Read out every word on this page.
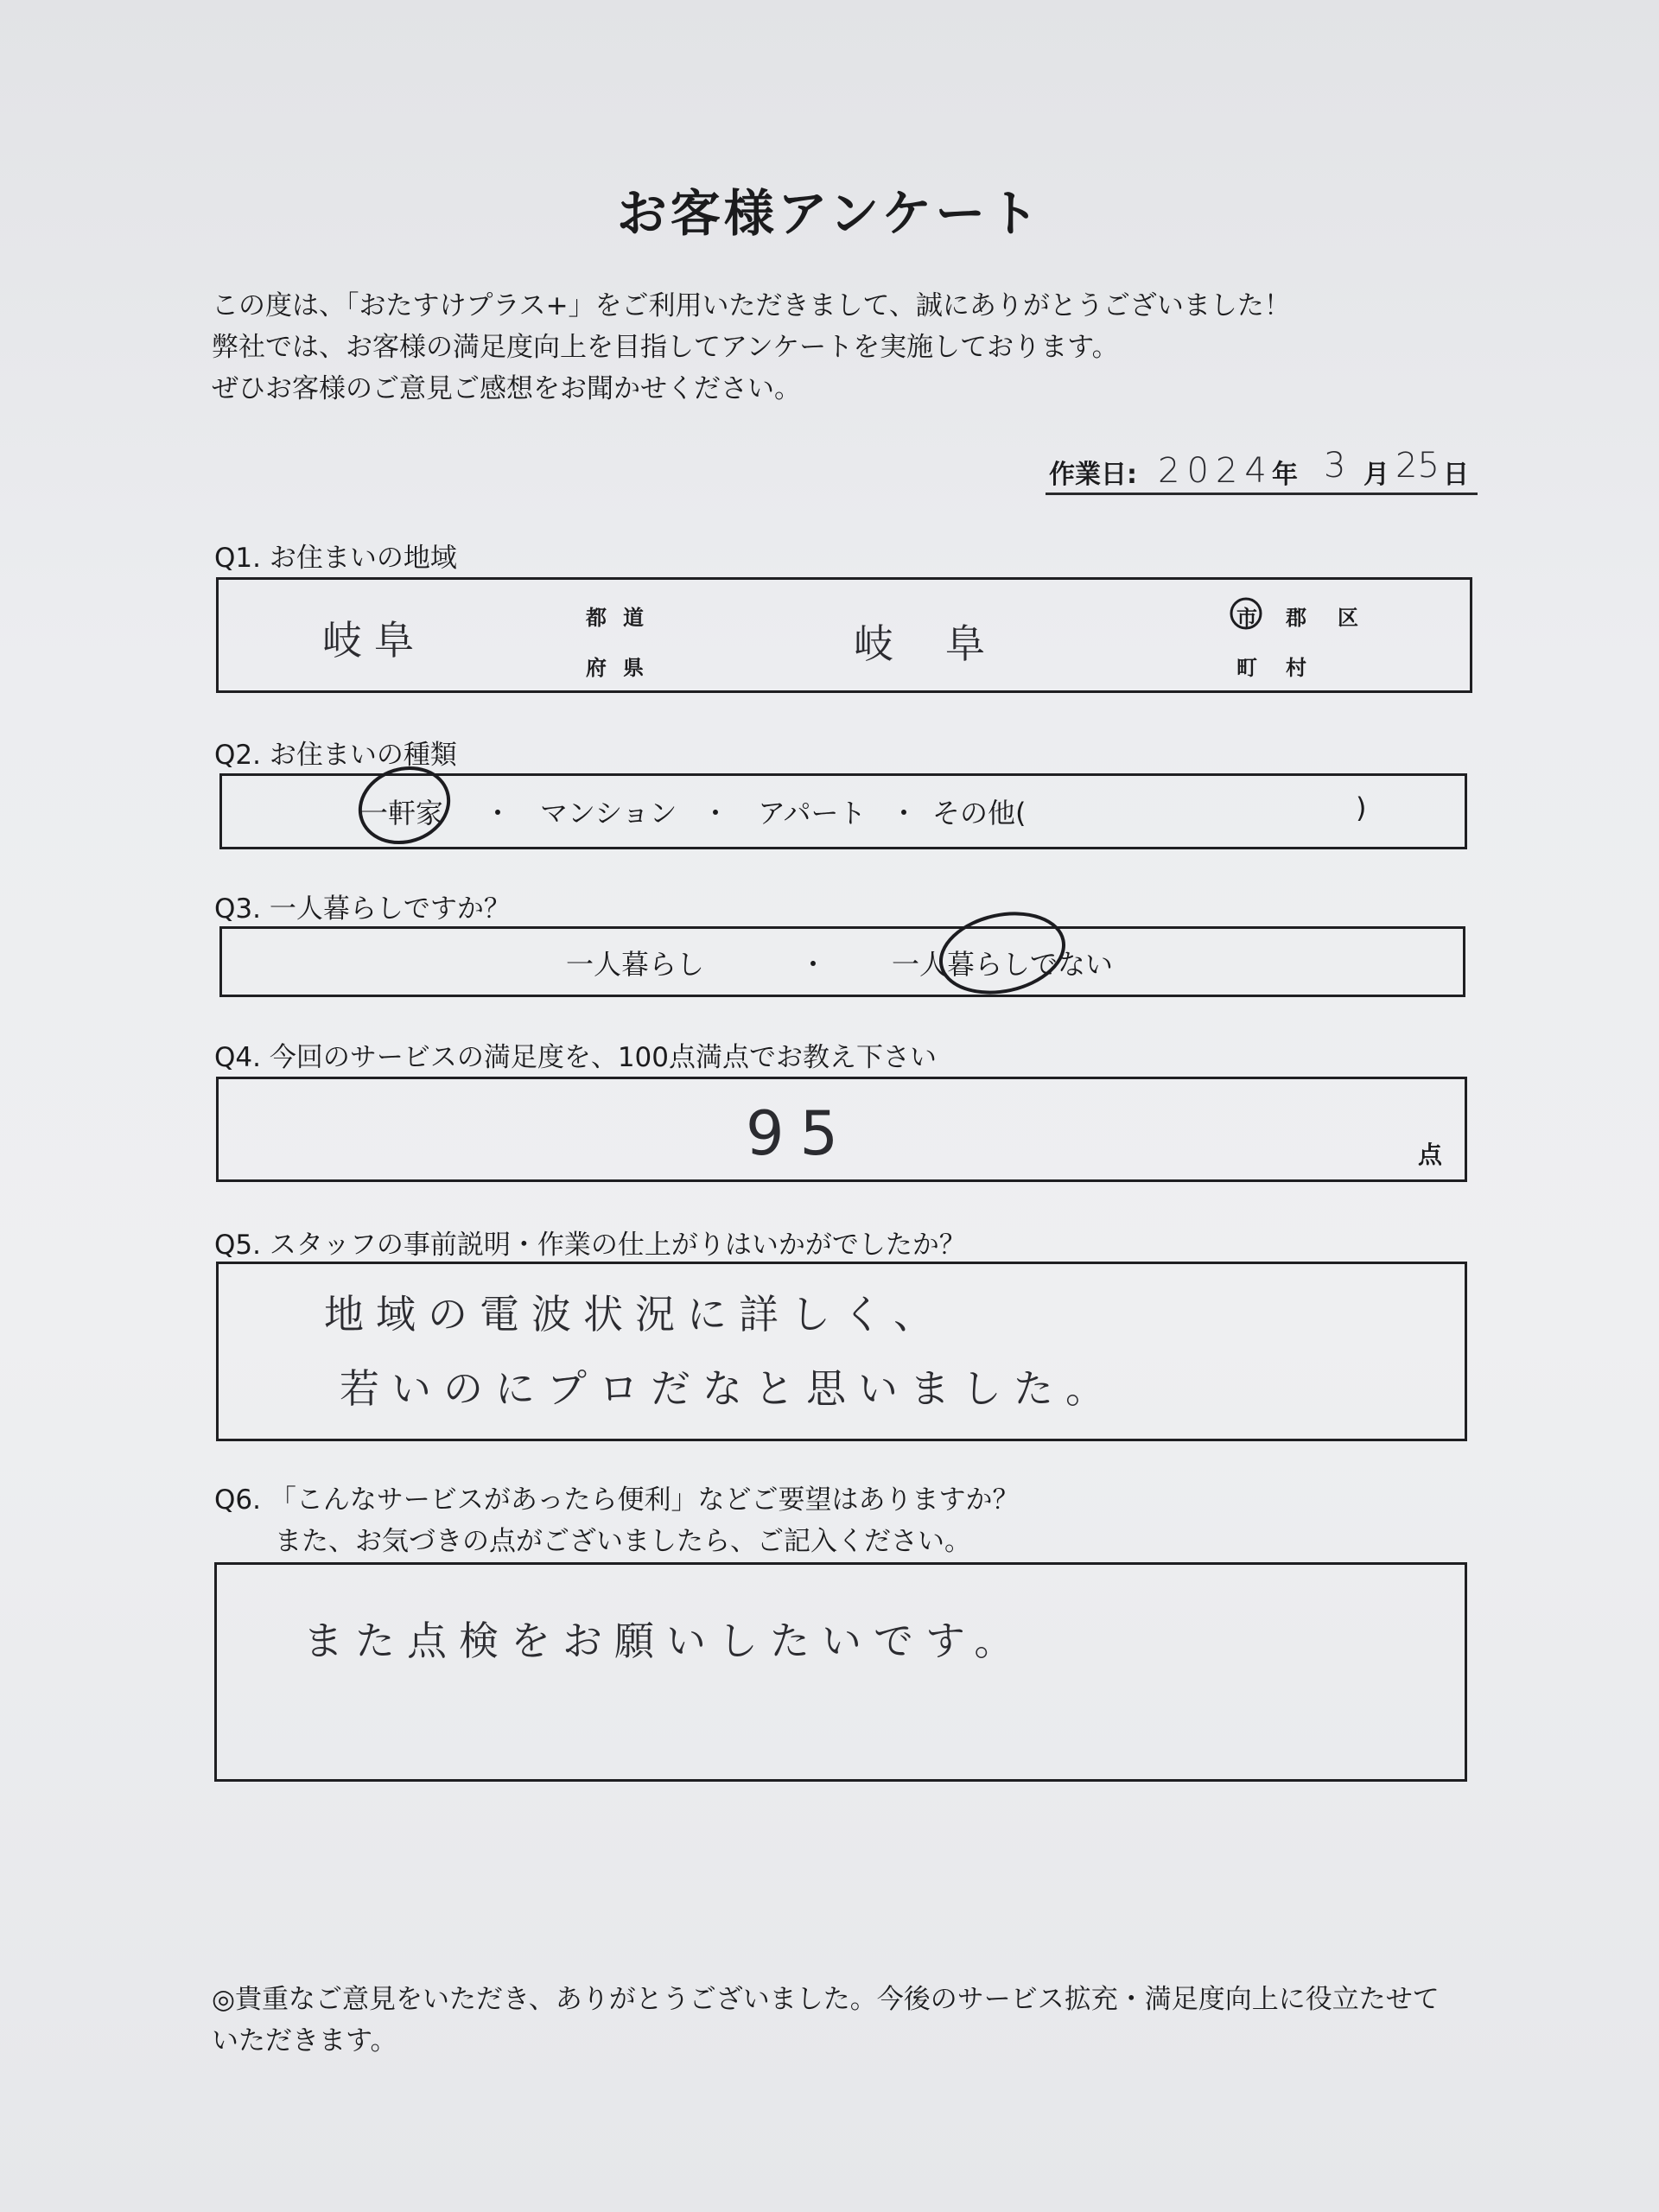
お客様アンケート
この度は、「おたすけプラス+」をご利用いただきまして、誠にありがとうございました！
弊社では、お客様の満足度向上を目指してアンケートを実施しております。
ぜひお客様のご意見ご感想をお聞かせください。
作業日: 2024
年 3 月 25 日
Q1. お住まいの地域
岐阜	都 道
府 県
岐阜
市 郡 区
町 村
Q2. お住まいの種類
一軒家 ・ マンション ・ アパート ・ その他(	)
Q3. 一人暮らしですか？
一人暮らし	・ 一人暮らしでない
Q4. 今回のサービスの満足度を、100点満点でお教え下さい
95	点
Q5. スタッフの事前説明・作業の仕上がりはいかがでしたか？
地域の電波状況に詳しく、
若いのにプロだなと思いました。
Q6. 「こんなサービスがあったら便利」などご要望はありますか？
また、お気づきの点がございましたら、ご記入ください。
また点検をお願いしたいです。
◎貴重なご意見をいただき、ありがとうございました。今後のサービス拡充・満足度向上に役立たせていただきます。
